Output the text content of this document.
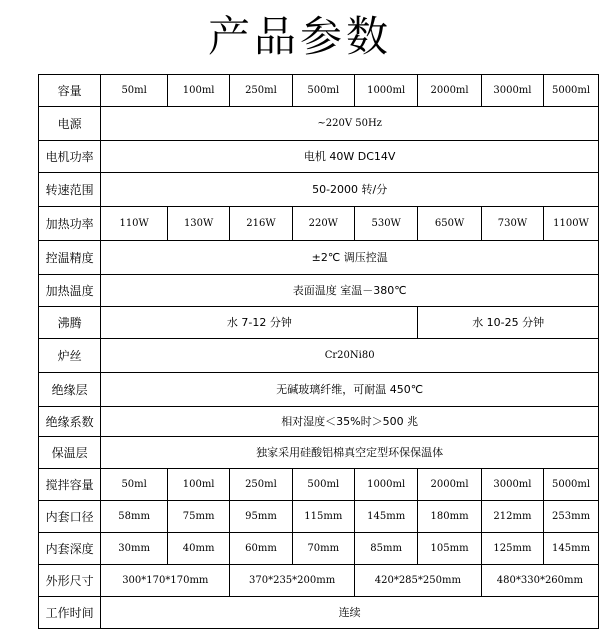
产品参数
容量	50ml	100ml	250ml	500ml	1000ml	2000ml	3000ml	5000ml
电源	~220V 50Hz							
电机功率	电机 40W DC14V							
转速范围	50-2000 转/分							
加热功率	110W	130W	216W	220W	530W	650W	730W	1100W
控温精度	±2℃ 调压控温							
加热温度	表面温度 室温－380℃							
沸腾	水 7-12 分钟					水 10-25 分钟		
炉丝	Cr20Ni80							
绝缘层	无碱玻璃纤维，可耐温 450℃							
绝缘系数	相对湿度＜35%时＞500 兆							
保温层	独家采用硅酸铝棉真空定型环保保温体							
搅拌容量	50ml	100ml	250ml	500ml	1000ml	2000ml	3000ml	5000ml
内套口径	58mm	75mm	95mm	115mm	145mm	180mm	212mm	253mm
内套深度	30mm	40mm	60mm	70mm	85mm	105mm	125mm	145mm
外形尺寸	300*170*170mm		370*235*200mm		420*285*250mm		480*330*260mm	
工作时间	连续							
